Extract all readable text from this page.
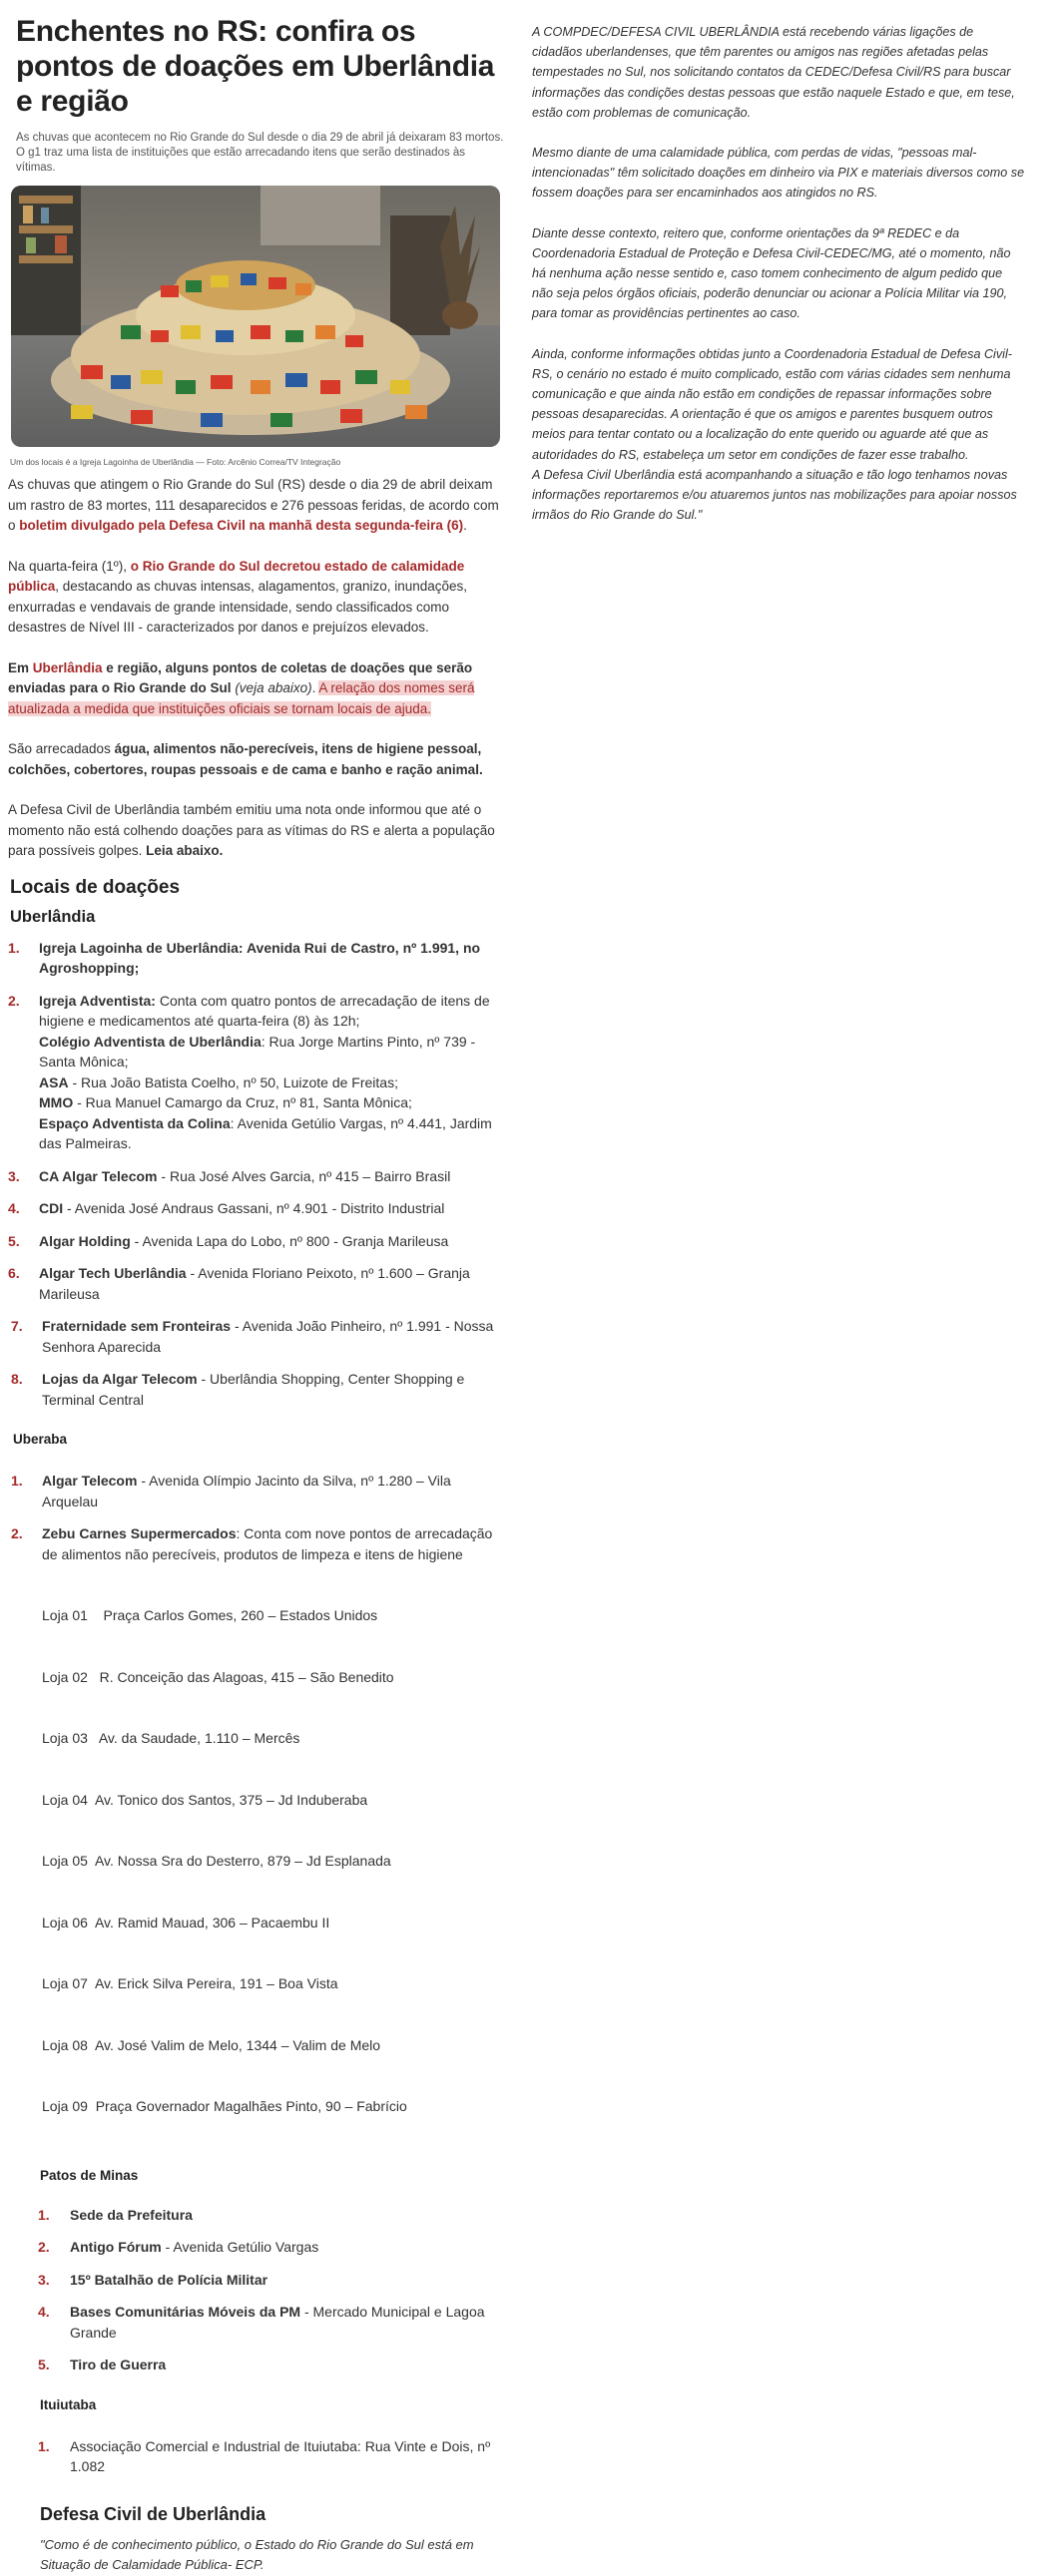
Enchentes no RS: confira os pontos de doações em Uberlândia e região
As chuvas que acontecem no Rio Grande do Sul desde o dia 29 de abril já deixaram 83 mortos. O g1 traz uma lista de instituições que estão arrecadando itens que serão destinados às vítimas.
Um dos locais é a Igreja Lagoinha de Uberlândia — Foto: Arcênio Correa/TV Integração

As chuvas que atingem o Rio Grande do Sul (RS) desde o dia 29 de abril deixam um rastro de 83 mortes, 111 desaparecidos e 276 pessoas feridas, de acordo com o boletim divulgado pela Defesa Civil na manhã desta segunda-feira (6).

Na quarta-feira (1º), o Rio Grande do Sul decretou estado de calamidade pública, destacando as chuvas intensas, alagamentos, granizo, inundações, enxurradas e vendavais de grande intensidade, sendo classificados como desastres de Nível III - caracterizados por danos e prejuízos elevados.

Em Uberlândia e região, alguns pontos de coletas de doações que serão enviadas para o Rio Grande do Sul (veja abaixo). A relação dos nomes será atualizada a medida que instituições oficiais se tornam locais de ajuda.

São arrecadados água, alimentos não-perecíveis, itens de higiene pessoal, colchões, cobertores, roupas pessoais e de cama e banho e ração animal.

A Defesa Civil de Uberlândia também emitiu uma nota onde informou que até o momento não está colhendo doações para as vítimas do RS e alerta a população para possíveis golpes. Leia abaixo.

Locais de doações
Uberlândia
1. Igreja Lagoinha de Uberlândia: Avenida Rui de Castro, nº 1.991, no Agroshopping;
2. Igreja Adventista: Conta com quatro pontos de arrecadação de itens de higiene e medicamentos até quarta-feira (8) às 12h;
Colégio Adventista de Uberlândia: Rua Jorge Martins Pinto, nº 739 - Santa Mônica;
ASA - Rua João Batista Coelho, nº 50, Luizote de Freitas;
MMO - Rua Manuel Camargo da Cruz, nº 81, Santa Mônica;
Espaço Adventista da Colina: Avenida Getúlio Vargas, nº 4.441, Jardim das Palmeiras.
3. CA Algar Telecom - Rua José Alves Garcia, nº 415 – Bairro Brasil
4. CDI - Avenida José Andraus Gassani, nº 4.901 - Distrito Industrial
5. Algar Holding - Avenida Lapa do Lobo, nº 800 - Granja Marileusa
6. Algar Tech Uberlândia - Avenida Floriano Peixoto, nº 1.600 – Granja Marileusa
7. Fraternidade sem Fronteiras - Avenida João Pinheiro, nº 1.991 - Nossa Senhora Aparecida
8. Lojas da Algar Telecom - Uberlândia Shopping, Center Shopping e Terminal Central
Uberaba
1. Algar Telecom - Avenida Olímpio Jacinto da Silva, nº 1.280 – Vila Arquelau
2. Zebu Carnes Supermercados: Conta com nove pontos de arrecadação de alimentos não perecíveis, produtos de limpeza e itens de higiene

Loja 01    Praça Carlos Gomes, 260 – Estados Unidos

Loja 02   R. Conceição das Alagoas, 415 – São Benedito

Loja 03   Av. da Saudade, 1.110 – Mercês

Loja 04  Av. Tonico dos Santos, 375 – Jd Induberaba

Loja 05  Av. Nossa Sra do Desterro, 879 – Jd Esplanada

Loja 06  Av. Ramid Mauad, 306 – Pacaembu II

Loja 07  Av. Erick Silva Pereira, 191 – Boa Vista

Loja 08  Av. José Valim de Melo, 1344 – Valim de Melo

Loja 09  Praça Governador Magalhães Pinto, 90 – Fabrício

Patos de Minas
1. Sede da Prefeitura
2. Antigo Fórum - Avenida Getúlio Vargas
3. 15º Batalhão de Polícia Militar
4. Bases Comunitárias Móveis da PM - Mercado Municipal e Lagoa Grande
5. Tiro de Guerra
Ituiutaba
1. Associação Comercial e Industrial de Ituiutaba: Rua Vinte e Dois, nº 1.082
Defesa Civil de Uberlândia

"Como é de conhecimento público, o Estado do Rio Grande do Sul está em Situação de Calamidade Pública- ECP.

A COMPDEC/DEFESA CIVIL UBERLÂNDIA está recebendo várias ligações de cidadãos uberlandenses, que têm parentes ou amigos nas regiões afetadas pelas tempestades no Sul, nos solicitando contatos da CEDEC/Defesa Civil/RS para buscar informações das condições destas pessoas que estão naquele Estado e que, em tese, estão com problemas de comunicação.

Mesmo diante de uma calamidade pública, com perdas de vidas, "pessoas mal-intencionadas" têm solicitado doações em dinheiro via PIX e materiais diversos como se fossem doações para ser encaminhados aos atingidos no RS.

Diante desse contexto, reitero que, conforme orientações da 9ª REDEC e da Coordenadoria Estadual de Proteção e Defesa Civil-CEDEC/MG, até o momento, não há nenhuma ação nesse sentido e, caso tomem conhecimento de algum pedido que não seja pelos órgãos oficiais, poderão denunciar ou acionar a Polícia Militar via 190, para tomar as providências pertinentes ao caso.

Ainda, conforme informações obtidas junto a Coordenadoria Estadual de Defesa Civil- RS, o cenário no estado é muito complicado, estão com várias cidades sem nenhuma comunicação e que ainda não estão em condições de repassar informações sobre pessoas desaparecidas. A orientação é que os amigos e parentes busquem outros meios para tentar contato ou a localização do ente querido ou aguarde até que as autoridades do RS, estabeleça um setor em condições de fazer esse trabalho.

A Defesa Civil Uberlândia está acompanhando a situação e tão logo tenhamos novas informações reportaremos e/ou atuaremos juntos nas mobilizações para apoiar nossos irmãos do Rio Grande do Sul."
